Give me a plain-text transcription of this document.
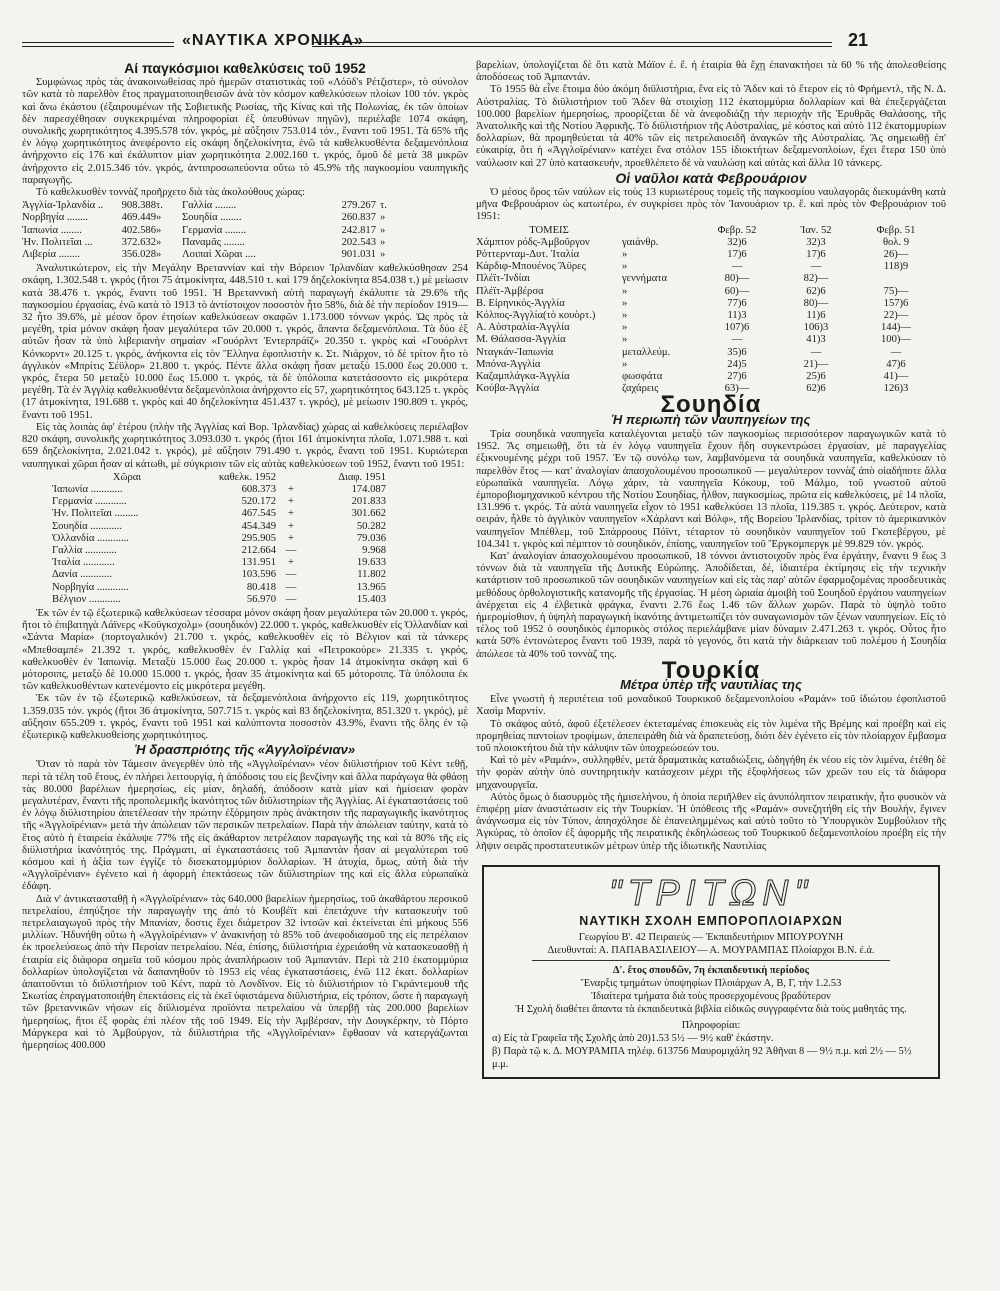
«ΝΑΥΤΙΚΑ ΧΡΟΝΙΚΑ»	21
Αί παγκόσμιοι καθελκύσεις τοῦ 1952

Συμφώνως πρὸς τὰς ἀνακοινωθείσας πρὸ ἡμερῶν στατιστικὰς τοῦ «Λόϋδ's Ρέτζιστερ», τὸ σύνολον τῶν κατὰ τὸ παρελθὸν ἔτος πραγματοποιηθεισῶν ἀνὰ τὸν κόσμον καθελκύσεων πλοίων 100 τόν. γκρὸς καὶ ἄνω ἑκάστου (ἐξαιρουμένων τῆς Σοβιετικῆς Ρωσίας, τῆς Κίνας καὶ τῆς Πολωνίας, ἐκ τῶν ὁποίων δὲν παρεσχέθησαν συγκεκριμέναι πληροφορίαι ἐξ ὑπευθύνων πηγῶν), περιέλαβε 1074 σκάφη, συνολικῆς χωρητικότητος 4.395.578 τόν. γκρός, μὲ αὔξησιν 753.014 τόν., ἔναντι τοῦ 1951. Τὰ 65% τῆς ἐν λόγῳ χωρητικότητος ἀνεφέροντο εἰς σκάφη δηζελοκίνητα, ἐνῶ τὰ καθελκυσθέντα δεξαμενόπλοια ἀνήρχοντο εἰς 176 καὶ ἐκάλυπτον μίαν χωρητικότητα 2.002.160 τ. γκρός, ὅμοῦ δὲ μετὰ 38 μικρῶν ἀνήρχοντο εἰς 2.015.346 τόν. γκρός, ἀντιπροσωπεύοντα οὕτω τὸ 45.9% τῆς παγκοσμίου ναυπηγικῆς παραγωγῆς.

Τὸ καθελκυσθὲν τοννὰζ προῆρχετο διὰ τὰς ἀκολούθους χώρας:

Ἀγγλία-Ἰρλανδία ..	908.388 τ.	Γαλλία ........	279.267 τ.
Νορβηγία ........	469.449 »	Σουηδία ........	260.837 »
Ἰαπωνία ........	402.586 »	Γερμανία ........	242.817 »
Ἡν. Πολιτεῖαι ...	372.632 »	Παναμᾶς ........	202.543 »
Λιβερία ........	356.028 »	Λοιπαὶ Χῶραι ....	901.031 »

Ἀναλυτικώτερον, εἰς τὴν Μεγάλην Βρεταννίαν καὶ τὴν Βόρειον Ἰρλανδίαν καθελκύσθησαν 254 σκάφη, 1.302.548 τ. γκρός (ἤτοι 75 ἀτμοκίνητα, 448.510 τ. καὶ 179 δηζελοκίνητα 854.038 τ.) μὲ μείωσιν κατὰ 38.476 τ. γκρός, ἔναντι τοῦ 1951. Ἡ Βρεταννικὴ αὐτὴ παραγωγὴ ἐκάλυπτε τὰ 29.6% τῆς παγκοσμίου ἐργασίας, ἐνῶ κατὰ τὸ 1913 τὸ ἀντίστοιχον ποσοστὸν ἦτο 58%, διὰ δὲ τὴν περίοδον 1919—32 ἦτο 39.6%, μὲ μέσον ὅρον ἐτησίων καθελκύσεων σκαφῶν 1.173.000 τόννων γκρός. Ὡς πρὸς τὰ μεγέθη, τρία μόνον σκάφη ἦσαν μεγαλύτερα τῶν 20.000 τ. γκρός, ἅπαντα δεξαμενόπλοια. Τὰ δύο ἐξ αὐτῶν ἦσαν τὰ ὑπὸ λιβεριανὴν σημαίαν «Γουόρλντ Ἐντερπράϊζ» 20.350 τ. γκρὸς καὶ «Γουόρλντ Κόνκορντ» 20.125 τ. γκρός, ἀνήκοντα εἰς τὸν Ἕλληνα ἐφοπλιστὴν κ. Στ. Νιάρχον, τὸ δὲ τρίτον ἦτο τὸ ἀγγλικὸν «Μπρίτις Σέϋλορ» 21.800 τ. γκρός. Πέντε ἄλλα σκάφη ἦσαν μεταξὺ 15.000 ἕως 20.000 τ. γκρός, ἕτερα 50 μεταξὺ 10.000 ἕως 15.000 τ. γκρός, τὰ δὲ ὑπόλοιπα κατετάσσοντο εἰς μικρότερα μεγέθη. Τὰ ἐν Ἀγγλίᾳ καθελκυσθέντα δεξαμενόπλοια ἀνήρχοντο εἰς 57, χωρητικότητος 643.125 τ. γκρὸς (17 ἀτμοκίνητα, 191.688 τ. γκρὸς καὶ 40 δηζελοκίνητα 451.437 τ. γκρός), μὲ μείωσιν 190.809 τ. γκρός, ἔναντι τοῦ 1951.

Εἰς τὰς λοιπὰς ἀφ' ἑτέρου (πλὴν τῆς Ἀγγλίας καὶ Βορ. Ἰρλανδίας) χώρας αἱ καθελκύσεις περιέλαβον 820 σκάφη, συνολικῆς χωρητικότητος 3.093.030 τ. γκρός (ἤτοι 161 ἀτμοκίνητα πλοῖα, 1.071.988 τ. καὶ 659 δηζελοκίνητα, 2.021.042 τ. γκρός), μὲ αὔξησιν 791.490 τ. γκρός, ἔναντι τοῦ 1951. Κυριώτεραι ναυπηγικαὶ χῶραι ἦσαν αἱ κάτωθι, μὲ σύγκρισιν τῶν εἰς αὐτὰς καθελκύσεων τοῦ 1952, ἔναντι τοῦ 1951:

Χῶραι	καθελκ. 1952	Διαφ. 1951
Ἰαπωνία ............	608.373	+	174.087
Γερμανία ............	520.172	+	201.833
Ἡν. Πολιτεῖαι .........	467.545	+	301.662
Σουηδία ............	454.349	+	50.282
Ὁλλανδία ............	295.905	+	79.036
Γαλλία ............	212.664 —	9.968
Ἰταλία ............	131.951	+	19.633
Δανία ............	103.596 —	11.802
Νορβηγία ............	80.418 —	13.965
Βέλγιον ............	56.970 —	15.403

Ἐκ τῶν ἐν τῷ ἐξωτερικῷ καθελκύσεων τέσσαρα μόνον σκάφη ἦσαν μεγαλύτερα τῶν 20.000 τ. γκρός, ἤτοι τὸ ἐπιβατηγὰ Λάϊνερς «Κοϋγκσχολμ» (σουηδικόν) 22.000 τ. γκρός, καθελκυσθὲν εἰς Ὁλλανδίαν καὶ «Σάντα Μαρία» (πορτογαλικόν) 21.700 τ. γκρός, καθελκυσθὲν εἰς τὸ Βέλγιον καὶ τὰ τάνκερς «Μπεθσαμπέ» 21.392 τ. γκρός, καθελκυσθὲν ἐν Γαλλίᾳ καὶ «Πετροκούρε» 21.335 τ. γκρός, καθελκυσθὲν ἐν Ἰαπωνίᾳ. Μεταξὺ 15.000 ἕως 20.000 τ. γκρὸς ἦσαν 14 ἀτμοκίνητα σκάφη καὶ 6 μότορσιπς, μεταξὺ δὲ 10.000 15.000 τ. γκρός, ἦσαν 35 ἀτμοκίνητα καὶ 65 μότορσιπς. Τὰ ὑπόλοιπα ἐκ τῶν καθελκυσθέντων κατενέμοντο εἰς μικρότερα μεγέθη.

Ἐκ τῶν ἐν τῷ ἐξωτερικῷ καθελκύσεων, τὰ δεξαμενόπλοια ἀνήρχοντο εἰς 119, χωρητικότητος 1.359.035 τόν. γκρός (ἤτοι 36 ἀτμοκίνητα, 507.715 τ. γκρὸς καὶ 83 δηζελοκίνητα, 851.320 τ. γκρός), μὲ αὔξησιν 655.209 τ. γκρός, ἔναντι τοῦ 1951 καὶ καλύπτοντα ποσοστὸν 43.9%, ἔναντι τῆς ὅλης ἐν τῷ ἐξωτερικῷ καθελκυσθείσης χωρητικότητος.

Ἡ δρασπριότης τῆς «Ἀγγλοϊρένιαν»

Ὅταν τὸ παρὰ τὸν Τάμεσιν ἀνεγερθὲν ὑπὸ τῆς «Ἀγγλοϊρένιαν» νέον διϋλιστήριον τοῦ Κὲντ τεθῇ, περὶ τὰ τέλη τοῦ ἔτους, ἐν πλήρει λειτουργίᾳ, ἡ ἀπόδοσις του εἰς βενζίνην καὶ ἄλλα παράγωγα θὰ φθάσῃ τὰς 80.000 βαρέλιων ἡμερησίως, εἰς μίαν, δηλαδή, ἀπόδοσιν κατὰ μίαν καὶ ἡμίσειαν φορὰν μεγαλυτέραν, ἔναντι τῆς προπολεμικῆς ἱκανότητος τῶν διϋλιστηρίων τῆς Ἀγγλίας. Αἱ ἐγκαταστάσεις τοῦ ἐν λόγῳ διϋλιστηρίου ἀπετέλεσαν τὴν πρώτην ἐξόρμησιν πρὸς ἀνάκτησιν τῆς παραγωγικῆς ἱκανότητος τῆς «Ἀγγλοϊρένιαν» μετὰ τὴν ἀπώλειαν τῶν περσικῶν πετρελαίων. Παρὰ τὴν ἀπώλειαν ταύτην, κατὰ τὸ ἔτος αὐτὸ ἡ ἑταιρεία ἐκάλυψε 77% τῆς εἰς ἀκάθαρτον πετρέλαιον παραγωγῆς της καὶ τὰ 80% τῆς εἰς διϋλιστήρια ἱκανότητός της. Πράγματι, αἱ ἐγκαταστάσεις τοῦ Ἀμπαντὰν ἦσαν αἱ μεγαλύτεραι τοῦ κόσμου καὶ ἡ ἀξία των ἐγγίζε τὸ δισεκατομμύριον δολλαρίων. Ἡ ἀτυχία, ὅμως, αὐτὴ διὰ τὴν «Ἀγγλοϊρένιαν» ἐγένετο καὶ ἡ ἀφορμὴ ἐπεκτάσεως τῶν διϋλιστηρίων της καὶ εἰς ἄλλα εὐρωπαϊκὰ ἐδάφη.

Διὰ ν' ἀντικατασταθῇ ἡ «Ἀγγλοϊρένιαν» τὰς 640.000 βαρελίων ἡμερησίως, τοῦ ἀκαθάρτου περσικοῦ πετρελαίου, ἐπηύξησε τὴν παραγωγὴν της ἀπὸ τὸ Κουβέϊτ καὶ ἐπετάχυνε τὴν κατασκευὴν τοῦ πετρελαιαγωγοῦ πρὸς τὴν Μπανίαν, δοστις ἔχει διάμετρον 32 ἰντσῶν καὶ ἐκτείνεται ἐπὶ μήκους 556 μιλλίων. Ἡδυνήθη οὕτω ἡ «Ἀγγλοϊρένιαν» ν' ἀνακινήσῃ τὸ 85% τοῦ ἀνεφοδιασμοῦ της εἰς πετρέλαιον ἐκ προελεύσεως ἀπὸ τὴν Περσίαν πετρελαίου. Νέα, ἐπίσης, διϋλιστήρια ἐχρειάσθη νὰ κατασκευασθῇ ἡ ἑταιρία εἰς διάφορα σημεῖα τοῦ κόσμου πρὸς ἀναπλήρωσιν τοῦ Ἀμπαντάν. Περὶ τὰ 210 ἑκατομμύρια δολλαρίων ὑπολογίζεται νὰ δαπανηθοῦν τὸ 1953 εἰς νέας ἐγκαταστάσεις, ἐνῶ 112 ἑκατ. δολλαρίων ἀπαιτοῦνται τὸ διϋλιστήριον τοῦ Κέντ, παρὰ τὸ Λονδῖνον. Εἰς τὸ διϋλιστήριον τὸ Γκράντεμουθ τῆς Σκωτίας ἐπραγματοποιήθη ἐπεκτάσεις εἰς τὰ ἐκεῖ ὑφιστάμενα διϋλιστήρια, εἰς τρόπον, ὥστε ἡ παραγωγὴ τῶν βρεταννικῶν νήσων εἰς διϋλισμένα προϊόντα πετρελαίου νὰ ὑπερβῇ τὰς 200.000 βαρελίων ἡμερησίως, ἤτοι ἐξ φορὰς ἐπὶ πλέον τῆς τοῦ 1949. Εἰς τὴν Ἀμβέρσαν, τὴν Δουγκέρκην, τὸ Πόρτο Μάργκερα καὶ τὸ Ἀμβούργον, τὰ διϋλιστήρια τῆς «Ἀγγλοϊρένιαν» ἔφθασαν νὰ κατεργάζωνται ἡμερησίως 400.000

βαρελίων, ὑπολογίζεται δὲ ὅτι κατὰ Μάϊον ἐ. ἔ. ἡ ἑταιρία θὰ ἔχῃ ἐπανακτήσει τὰ 60 % τῆς ἀπολεσθείσης ἀποδόσεως τοῦ Ἀμπαντάν.

Τὸ 1955 θὰ εἶνε ἕτοιμα δύο ἀκόμη διϋλιστήρια, ἕνα εἰς τὸ Ἄδεν καὶ τὸ ἕτερον εἰς τὸ Φρήμεντλ, τῆς Ν. Δ. Αὐστραλίας. Τὸ διϋλιστήριον τοῦ Ἄδεν θὰ στοιχίσῃ 112 ἑκατομμύρια δολλαρίων καὶ θὰ ἐπεξεργάζεται 100.000 βαρελίων ἡμερησίως, προορίζεται δὲ νὰ ἀνεφοδιάζῃ τὴν περιοχὴν τῆς Ἐρυθρᾶς Θαλάσσης, τῆς Ἀνατολικῆς καὶ τῆς Νοτίου Ἀφρικῆς. Τὸ διϋλιστήριον τῆς Αὐστραλίας, μὲ κόστος καὶ αὐτὸ 112 ἑκατομμυρίων δολλαρίων, θὰ προμηθεύεται τὰ 40% τῶν εἰς πετρελαιοειδῆ ἀναγκῶν τῆς Αὐστραλίας. Ἂς σημειωθῇ ἐπ' εὐκαιρίᾳ, ὅτι ἡ «Ἀγγλοϊρένιαν» κατέχει ἕνα στόλον 155 ἰδιοκτήτων δεξαμενοπλοίων, ἔχει ἕτερα 150 ὑπὸ ναύλωσιν καὶ 27 ὑπὸ κατασκευήν, προεθλέπετο δὲ νὰ ναυλώσῃ καὶ αὐτὰς καὶ ἄλλα 10 τάνκερς.

Οἱ ναῦλοι κατὰ Φεβρουάριον

Ὁ μέσος ὅρος τῶν ναύλων εἰς τοὺς 13 κυριωτέρους τομεῖς τῆς παγκοσμίου ναυλαγορᾶς διεκυμάνθη κατὰ μῆνα Φεβρουάριον ὡς κατωτέρω, ἐν συγκρίσει πρὸς τὸν Ἰανουάριον τρ. ἔ. καὶ πρὸς τὸν Φεβρουάριον τοῦ 1951:

ΤΟΜΕΙΣ	Φεβρ. 52	Ἰαν. 52	Φεβρ. 51
Χάμπτον ρόδς-Ἀμβοῦργον	γαιάνθρ.	32)6	32)3	θολ. 9
Ρόττερνταμ-Δυτ. Ἰταλία	»	17)6	17)6	26)—
Κάρδιφ-Μπουένος Ἄϋρες	»	—	—	118)9
Πλέϊτ-Ἰνδίαι	γεννήματα	80)—	82)—
Πλέϊτ-Ἀμβέρσα	»	60)—	62)6	75)—
Β. Εἰρηνικός-Ἀγγλία	»	77)6	80)—	157)6
Κόλπος-Ἀγγλία(τὸ κουὸρτ.)	»	11)3	11)6	22)—
Α. Αὐστραλία-Ἀγγλία	»	107)6	106)3	144)—
Μ. Θάλασσα-Ἀγγλία	»	—	41)3	100)—
Νταγκάν-Ἰαπωνία	μεταλλεύμ.	35)6	—	—
Μπόνα-Ἀγγλία	»	24)5	21)—	47)6
Καζαμπλάγκα-Ἀγγλία	φωσφάτα	27)6	25)6	41)—
Κούβα-Ἀγγλία	ζαχάρεις	63)—	62)6	126)3
Σουηδία
Ἡ περιωπὴ τῶν ναυπηγείων της

Τρία σουηδικὰ ναυπηγεῖα καταλέγονται μεταξὺ τῶν παγκοσμίως περισσότερον παραγωγικῶν κατὰ τὸ 1952. Ἂς σημειωθῇ, ὅτι τὰ ἐν λόγῳ ναυπηγεῖα ἔχουν ἤδη συγκεντρώσει ἐργασίαν, μὲ παραγγελίας ἐξικνουμένης μέχρι τοῦ 1957. Ἐν τῷ συνόλῳ των, λαμβανόμενα τὰ σουηδικὰ ναυπηγεῖα, καθελκύσαν τὸ παρελθὸν ἔτος — κατ' ἀναλογίαν ἀπασχολουμένου προσωπικοῦ — μεγαλύτερον τοννὰζ ἀπὸ οἱαδήποτε ἄλλα εὐρωπαϊκὰ ναυπηγεῖα. Λόγῳ χάριν, τὰ ναυπηγεῖα Κόκουμ, τοῦ Μάλμο, τοῦ γνωστοῦ αὐτοῦ ἐμποροβιομηχανικοῦ κέντρου τῆς Νοτίου Σουηδίας, ἦλθον, παγκοσμίως, πρῶτα εἰς καθελκύσεις, μὲ 14 πλοῖα, 131.996 τ. γκρός. Τὰ αὐτὰ ναυπηγεῖα εἶχον τὸ 1951 καθελκύσει 13 πλοῖα, 119.385 τ. γκρός. Δεύτερον, κατὰ σειράν, ἦλθε τὸ ἀγγλικὸν ναυπηγεῖον «Χάρλαντ καὶ Βόλφ», τῆς Βορείου Ἰρλανδίας, τρίτον τὸ ἀμερικανικὸν ναυπηγεῖον Μπέθλεμ, τοῦ Σπάρροους Πόϊντ, τέταρτον τὸ σουηδικὸν ναυπηγεῖον τοῦ Γκοτεβέργου, μὲ 104.341 τ. γκρὸς καὶ πέμπτον τὸ σουηδικόν, ἐπίσης, ναυπηγεῖον τοῦ Ἔργκσμπεργκ μὲ 99.829 τόν. γκρός.

Κατ' ἀναλογίαν ἀπασχολουμένου προσωπικοῦ, 18 τόννοι ἀντιστοιχοῦν πρὸς ἕνα ἐργάτην, ἔναντι 9 ἕως 3 τόννων διὰ τὰ ναυπηγεῖα τῆς Δυτικῆς Εὐρώπης. Ἀποδίδεται, δέ, ἰδιαιτέρα ἐκτίμησις εἰς τὴν τεχνικὴν κατάρτισιν τοῦ προσωπικοῦ τῶν σουηδικῶν ναυπηγείων καὶ εἰς τὰς παρ' αὐτῶν ἐφαρμοζομένας προσδευτικὰς μεθόδους ὀρθολογιστικῆς κατανομῆς τῆς ἐργασίας. Ἡ μέση ὡριαία ἀμοιβὴ τοῦ Σουηδοῦ ἐργάτου ναυπηγείων ἀνέρχεται εἰς 4 ἐλβετικὰ φράγκα, ἔναντι 2.76 ἕως 1.46 τῶν ἄλλων χωρῶν. Παρὰ τὸ ὑψηλὸ τοῦτο ἡμερομίσθιον, ἡ ὑψηλὴ παραγωγικὴ ἱκανότης ἀντιμετωπίζει τὸν συναγωνισμὸν τῶν ξένων ναυπηγείων. Εἰς τὸ τέλος τοῦ 1952 ὁ σουηδικὸς ἐμπορικὸς στόλος περιελάμβανε μίαν δύναμιν 2.471.263 τ. γκρός. Οὗτος ἦτο κατὰ 50% ἐντονώτερος ἔναντι τοῦ 1939, παρὰ τὸ γεγονός, ὅτι κατὰ τὴν διάρκειαν τοῦ πολέμου ἡ Σουηδία ἀπώλεσε τὰ 40% τοῦ τοννὰζ της.

Τουρκία
Μέτρα ὑπὲρ τῆς ναυτιλίας της

Εἶνε γνωστὴ ἡ περιπέτεια τοῦ μοναδικοῦ Τουρκικοῦ δεξαμενοπλοίου «Ραμάν» τοῦ ἰδιώτου ἐφοπλιστοῦ Χασὶμ Μαρντίν.

Τὸ σκάφος αὐτό, ἀφοῦ ἐξετέλεσεν ἐκτεταμένας ἐπισκευὰς εἰς τὸν λιμένα τῆς Βρέμης καὶ προέβη καὶ εἰς προμηθείας παντοίων τροφίμων, ἀπεπειράθη διὰ νὰ δραπετεύσῃ, διότι δὲν ἐγένετο εἰς τὸν πλοίαρχον ἔμβασμα τοῦ πλοιοκτήτου διὰ τὴν κάλυψιν τῶν ὑποχρεώσεών του.

Καὶ τὸ μὲν «Ραμάν», συλληφθέν, μετὰ δραματικὰς καταδιώξεις, ὡδηγήθη ἐκ νέου εἰς τὸν λιμένα, ἐτέθη δὲ τὴν φορὰν αὐτὴν ὑπὸ συντηρητικὴν κατάσχεσιν μέχρι τῆς ἐξοφλήσεως τῶν χρεῶν του εἰς τὰ διάφορα μηχανουργεῖα.

Αὐτὸς ὅμως ὁ διασυρμὸς τῆς ἡμισελήνου, ἡ ὁποία περιῆλθεν εἰς ἀνυπόληπτον πειρατικήν, ἦτο φυσικὸν νὰ ἐπιφέρῃ μίαν ἀναστάτωσιν εἰς τὴν Τουρκίαν. Ἡ ὑπόθεσις τῆς «Ραμάν» συνεζητήθη εἰς τὴν Βουλήν, ἔγινεν ἀνάγνωσμα εἰς τὸν Τύπον, ἀπησχόλησε δὲ ἐπανειλημμένως καὶ αὐτὸ τοῦτο τὸ Ὑπουργικὸν Συμβούλιον τῆς Ἀγκύρας, τὸ ὁποῖον ἐξ ἀφορμῆς τῆς πειρατικῆς ἐκδηλώσεως τοῦ Τουρκικοῦ δεξαμενοπλοίου προέβη εἰς τὴν λῆψιν σειρᾶς προστατευτικῶν μέτρων ὑπὲρ τῆς ἰδιωτικῆς Ναυτιλίας

"ΤΡΙΤΩΝ"
ΝΑΥΤΙΚΗ ΣΧΟΛΗ ΕΜΠΟΡΟΠΛΟΙΑΡΧΩΝ
Γεωργίου Β'. 42 Πειραιεύς — Ἐκπαιδευτήριον ΜΠΟΥΡΟΥΝΗ
Διευθυνταί: Α. ΠΑΠΑΒΑΣΙΛΕΙΟΥ— Α. ΜΟΥΡΑΜΠΑΣ Πλοίαρχοι Β.Ν. ἐ.ἀ.
Δ'. ἔτος σπουδῶν, 7η ἐκπαιδευτικὴ περίοδος
Ἔναρξις τμημάτων ὑποψηφίων Πλοιάρχων Α, Β, Γ, τὴν 1.2.53
Ἰδιαίτερα τμήματα διὰ τοὺς προσερχομένους βραδύτερον
Ἡ Σχολὴ διαθέτει ἅπαντα τὰ ἐκπαιδευτικὰ βιβλία εἰδικῶς συγγραφέντα διὰ τοὺς μαθητάς της.
Πληροφορίαι:
α) Εἰς τὰ Γραφεῖα τῆς Σχολῆς ἀπὸ 20)1.53 5½ — 9½ καθ' ἑκάστην.
β) Παρὰ τῷ κ. Δ. ΜΟΥΡΑΜΠΑ τηλέφ. 613756 Μαυρομιχάλη 92 Ἀθῆναι 8 — 9½ π.μ. καὶ 2½ — 5½ μ.μ.
